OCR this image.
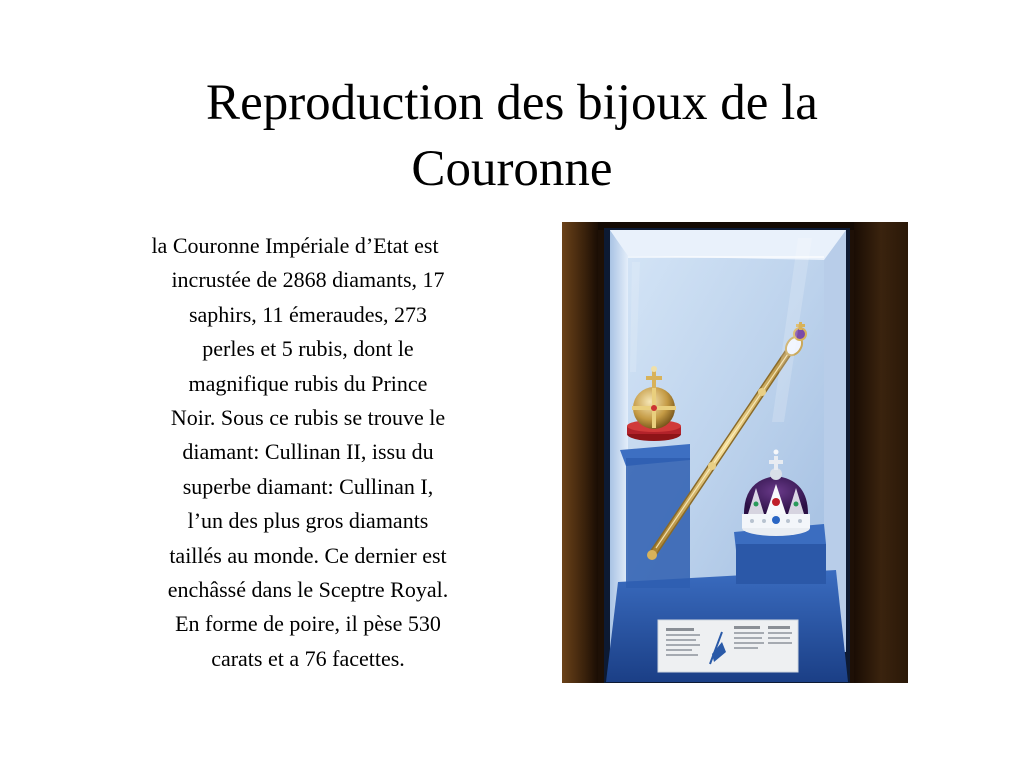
Reproduction des bijoux de la
Couronne

la Couronne Impériale d’Etat est
incrustée de 2868 diamants, 17
saphirs, 11 émeraudes, 273
perles et 5 rubis, dont le
magnifique rubis du Prince
Noir. Sous ce rubis se trouve le
diamant: Cullinan II, issu du
superbe diamant: Cullinan I,
l’un des plus gros diamants
taillés au monde. Ce dernier est
enchâssé dans le Sceptre Royal.
En forme de poire, il pèse 530
carats et a 76 facettes.
